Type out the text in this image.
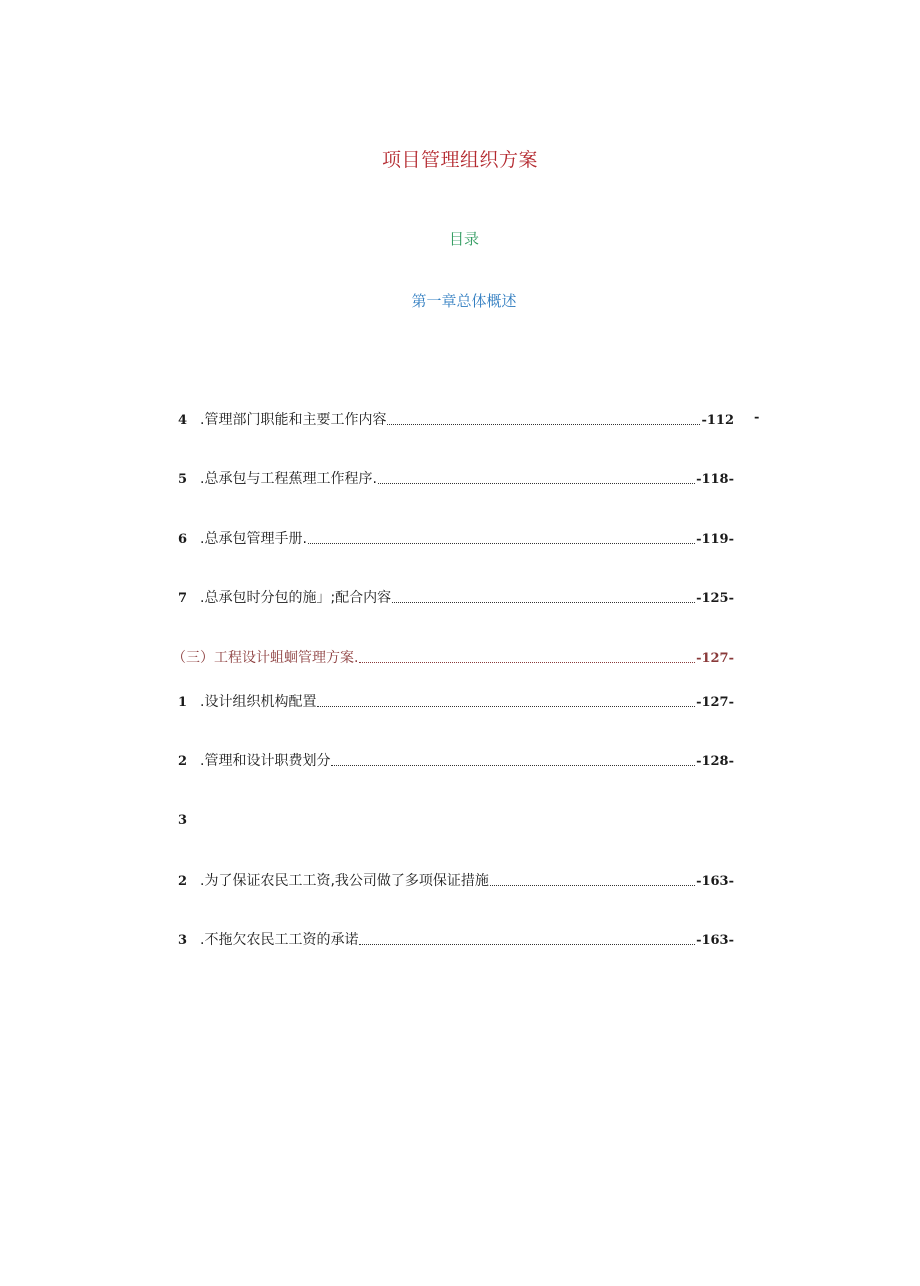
项目管理组织方案
目录
第一章总体概述
4 .管理部门职能和主要工作内容	-112 -
5 .总承包与工程蕉理工作程序.	-118-
6 .总承包管理手册.	-119-
7 .总承包时分包的施」;配合内容	-125-
（三）工程设计蛆蛔管理方案.	-127-
1 .设计组织机构配置	-127-
2 .管理和设计职费划分	-128-
3
2 .为了保证农民工工资,我公司做了多项保证措施	-163-
3 .不拖欠农民工工资的承诺	-163-
